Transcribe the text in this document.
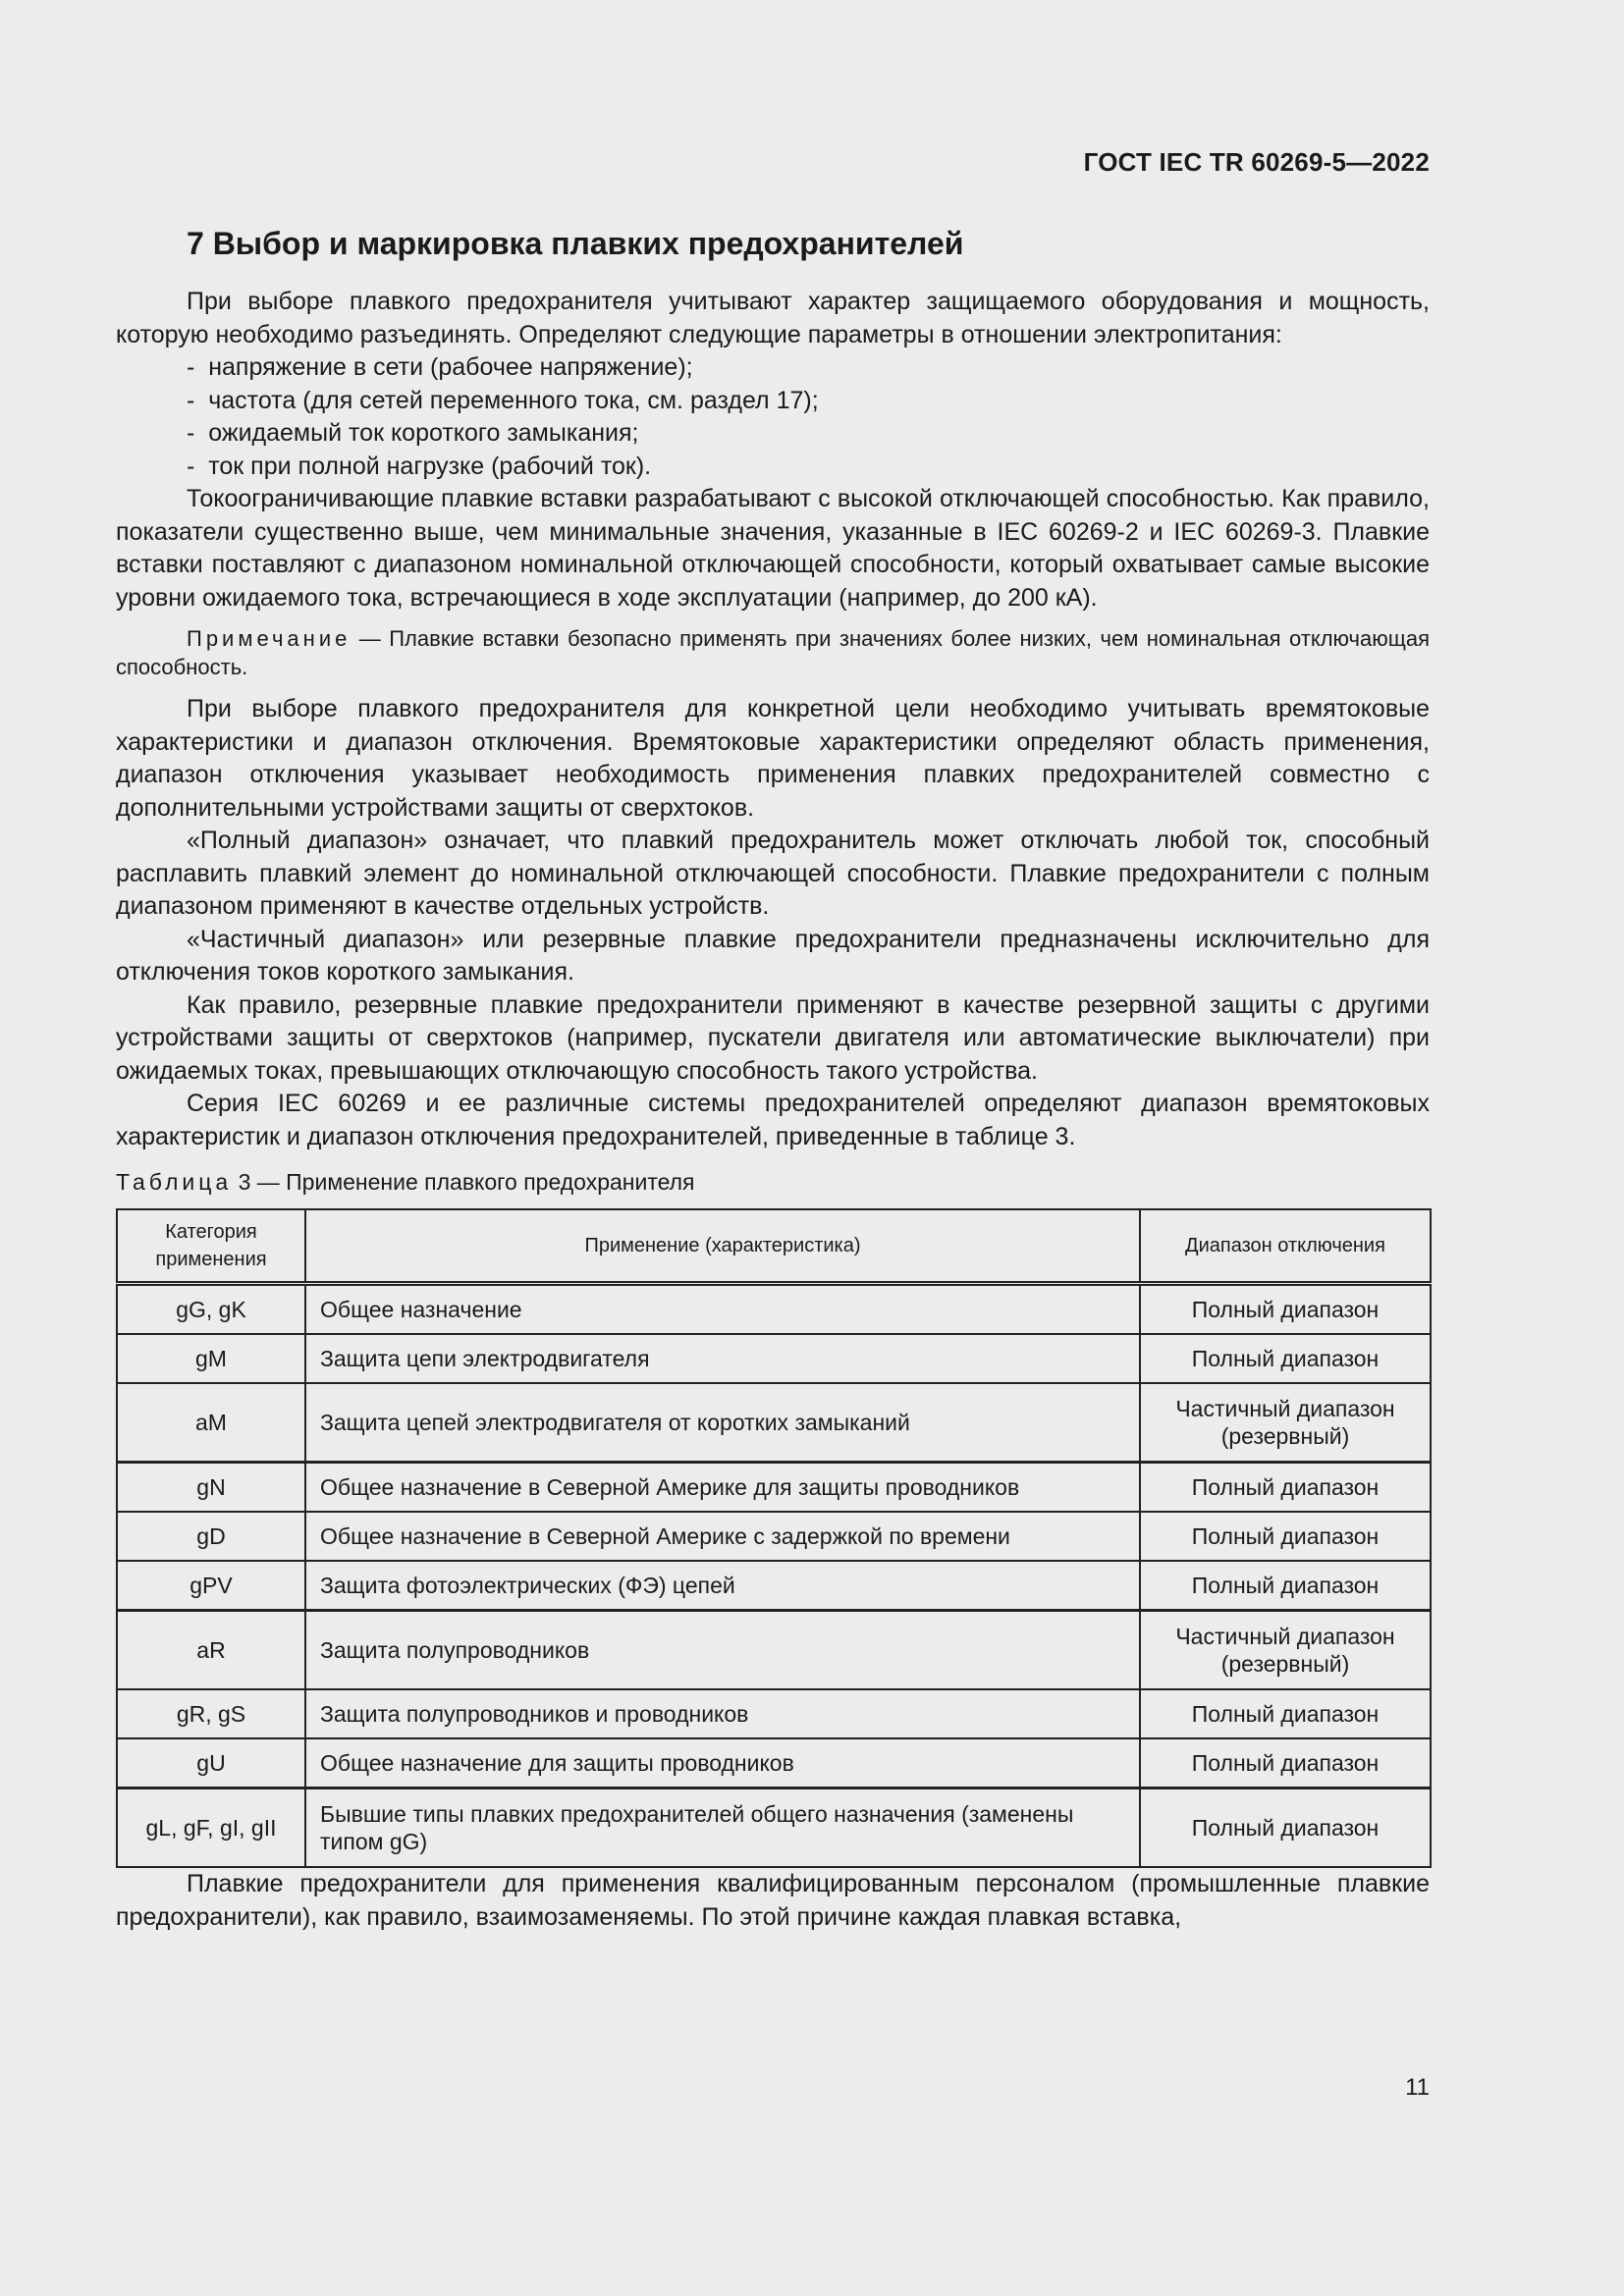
ГОСТ IEC TR 60269-5—2022
7 Выбор и маркировка плавких предохранителей

При выборе плавкого предохранителя учитывают характер защищаемого оборудования и мощность, которую необходимо разъединять. Определяют следующие параметры в отношении электропитания:

-  напряжение в сети (рабочее напряжение);
-  частота (для сетей переменного тока, см. раздел 17);
-  ожидаемый ток короткого замыкания;
-  ток при полной нагрузке (рабочий ток).

Токоограничивающие плавкие вставки разрабатывают с высокой отключающей способностью. Как правило, показатели существенно выше, чем минимальные значения, указанные в IEC 60269-2 и IEC 60269-3. Плавкие вставки поставляют с диапазоном номинальной отключающей способности, который охватывает самые высокие уровни ожидаемого тока, встречающиеся в ходе эксплуатации (например, до 200 кА).

Примечание — Плавкие вставки безопасно применять при значениях более низких, чем номинальная отключающая способность.

При выборе плавкого предохранителя для конкретной цели необходимо учитывать времятоковые характеристики и диапазон отключения. Времятоковые характеристики определяют область применения, диапазон отключения указывает необходимость применения плавких предохранителей совместно с дополнительными устройствами защиты от сверхтоков.

«Полный диапазон» означает, что плавкий предохранитель может отключать любой ток, способный расплавить плавкий элемент до номинальной отключающей способности. Плавкие предохранители с полным диапазоном применяют в качестве отдельных устройств.

«Частичный диапазон» или резервные плавкие предохранители предназначены исключительно для отключения токов короткого замыкания.

Как правило, резервные плавкие предохранители применяют в качестве резервной защиты с другими устройствами защиты от сверхтоков (например, пускатели двигателя или автоматические выключатели) при ожидаемых токах, превышающих отключающую способность такого устройства.

Серия IEC 60269 и ее различные системы предохранителей определяют диапазон времятоковых характеристик и диапазон отключения предохранителей, приведенные в таблице 3.

Таблица 3 — Применение плавкого предохранителя
Категория применения	Применение (характеристика)	Диапазон отключения
gG, gK	Общее назначение	Полный диапазон
gM	Защита цепи электродвигателя	Полный диапазон
aM	Защита цепей электродвигателя от коротких замыканий	Частичный диапазон (резервный)
gN	Общее назначение в Северной Америке для защиты проводников	Полный диапазон
gD	Общее назначение в Северной Америке с задержкой по времени	Полный диапазон
gPV	Защита фотоэлектрических (ФЭ) цепей	Полный диапазон
aR	Защита полупроводников	Частичный диапазон (резервный)
gR, gS	Защита полупроводников и проводников	Полный диапазон
gU	Общее назначение для защиты проводников	Полный диапазон
gL, gF, gI, gII	Бывшие типы плавких предохранителей общего назначения (заменены типом gG)	Полный диапазон

Плавкие предохранители для применения квалифицированным персоналом (промышленные плавкие предохранители), как правило, взаимозаменяемы. По этой причине каждая плавкая вставка,

11
